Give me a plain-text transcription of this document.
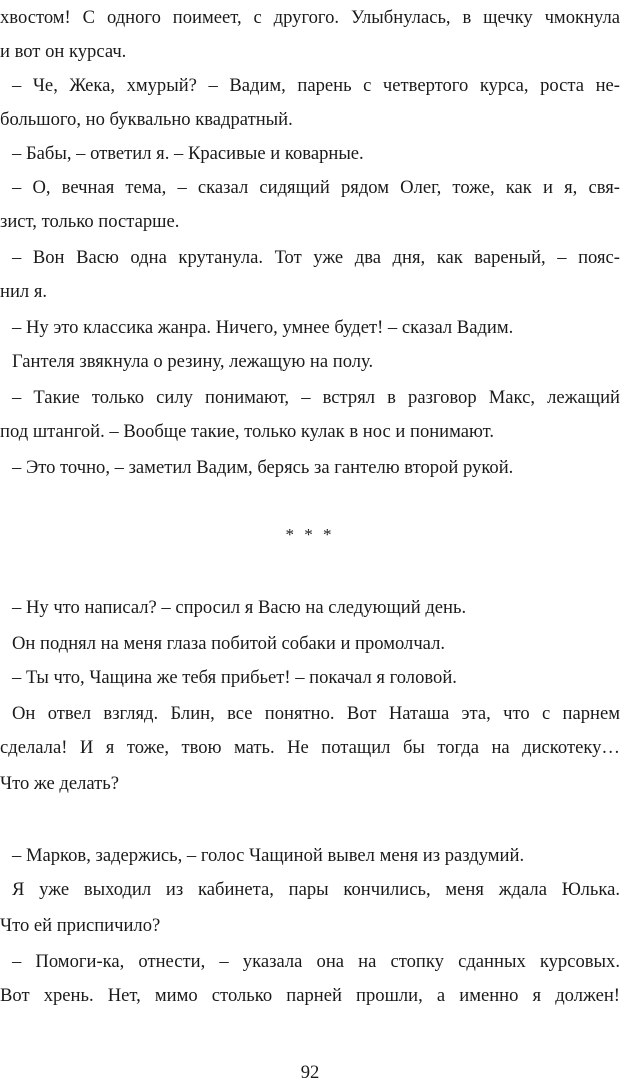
хвостом! С одного поимеет, с другого. Улыбнулась, в щечку чмокнула
и вот он курсач.
– Че, Жека, хмурый? – Вадим, парень с четвертого курса, роста не-
большого, но буквально квадратный.
– Бабы, – ответил я. – Красивые и коварные.
– О, вечная тема, – сказал сидящий рядом Олег, тоже, как и я, свя-
зист, только постарше.
– Вон Васю одна крутанула. Тот уже два дня, как вареный, – пояс-
нил я.
– Ну это классика жанра. Ничего, умнее будет! – сказал Вадим.
Гантеля звякнула о резину, лежащую на полу.
– Такие только силу понимают, – встрял в разговор Макс, лежащий
под штангой. – Вообще такие, только кулак в нос и понимают.
– Это точно, – заметил Вадим, берясь за гантелю второй рукой.
* * *
– Ну что написал? – спросил я Васю на следующий день.
Он поднял на меня глаза побитой собаки и промолчал.
– Ты что, Чащина же тебя прибьет! – покачал я головой.
Он отвел взгляд. Блин, все понятно. Вот Наташа эта, что с парнем
сделала! И я тоже, твою мать. Не потащил бы тогда на дискотеку…
Что же делать?
– Марков, задержись, – голос Чащиной вывел меня из раздумий.
Я уже выходил из кабинета, пары кончились, меня ждала Юлька.
Что ей приспичило?
– Помоги-ка, отнести, – указала она на стопку сданных курсовых.
Вот хрень. Нет, мимо столько парней прошли, а именно я должен!
92
